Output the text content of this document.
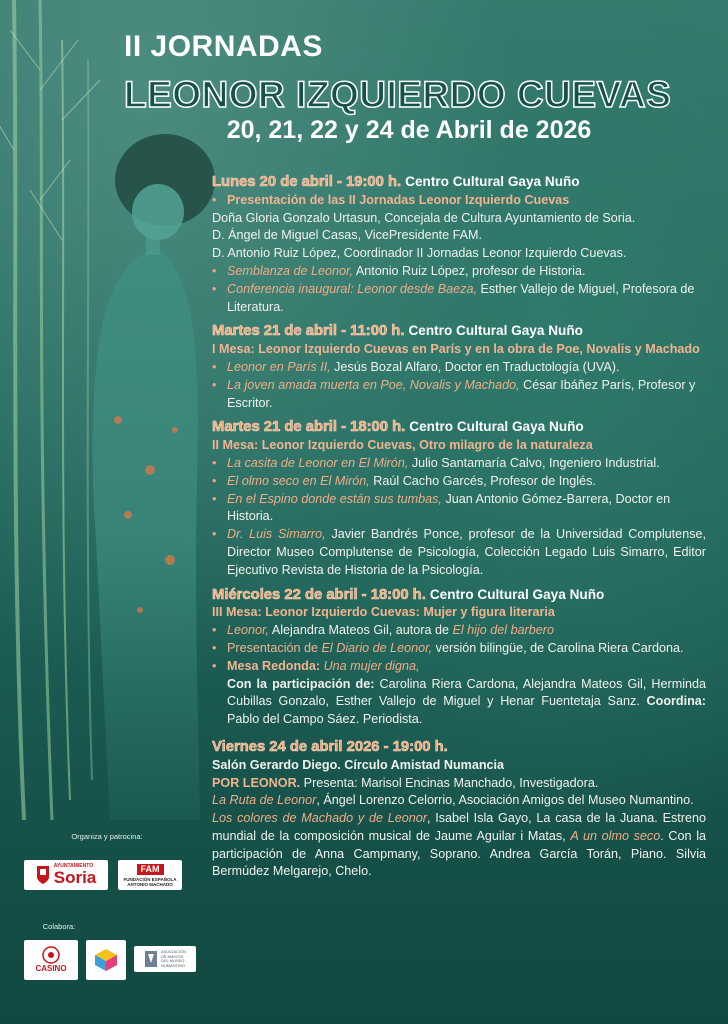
II JORNADAS
LEONOR IZQUIERDO CUEVAS
20, 21, 22 y 24 de Abril de 2026
Lunes 20 de abril - 19:00 h. Centro Cultural Gaya Nuño
• Presentación de las II Jornadas Leonor Izquierdo Cuevas
Doña Gloria Gonzalo Urtasun, Concejala de Cultura Ayuntamiento de Soria.
D. Ángel de Miguel Casas, VicePresidente FAM.
D. Antonio Ruiz López, Coordinador II Jornadas Leonor Izquierdo Cuevas.
• Semblanza de Leonor, Antonio Ruiz López, profesor de Historia.
• Conferencia inaugural: Leonor desde Baeza, Esther Vallejo de Miguel, Profesora de Literatura.
Martes 21 de abril - 11:00 h. Centro Cultural Gaya Nuño
I Mesa: Leonor Izquierdo Cuevas en París y en la obra de Poe, Novalis y Machado
• Leonor en París II, Jesús Bozal Alfaro, Doctor en Traductología (UVA).
• La joven amada muerta en Poe, Novalis y Machado, César Ibáñez París, Profesor y Escritor.
Martes 21 de abril - 18:00 h. Centro Cultural Gaya Nuño
II Mesa: Leonor Izquierdo Cuevas, Otro milagro de la naturaleza
• La casita de Leonor en El Mirón, Julio Santamaría Calvo, Ingeniero Industrial.
• El olmo seco en El Mirón, Raúl Cacho Garcés, Profesor de Inglés.
• En el Espino donde están sus tumbas, Juan Antonio Gómez-Barrera, Doctor en Historia.
• Dr. Luis Simarro, Javier Bandrés Ponce, profesor de la Universidad Complutense, Director Museo Complutense de Psicología, Colección Legado Luis Simarro, Editor Ejecutivo Revista de Historia de la Psicología.
Miércoles 22 de abril - 18:00 h. Centro Cultural Gaya Nuño
III Mesa: Leonor Izquierdo Cuevas: Mujer y figura literaria
• Leonor, Alejandra Mateos Gil, autora de El hijo del barbero
• Presentación de El Diario de Leonor, versión bilingüe, de Carolina Riera Cardona.
• Mesa Redonda: Una mujer digna,
Con la participación de: Carolina Riera Cardona, Alejandra Mateos Gil, Herminda Cubillas Gonzalo, Esther Vallejo de Miguel y Henar Fuentetaja Sanz. Coordina: Pablo del Campo Sáez. Periodista.
Viernes 24 de abril 2026 - 19:00 h.
Salón Gerardo Diego. Círculo Amistad Numancia
POR LEONOR. Presenta: Marisol Encinas Manchado, Investigadora.
La Ruta de Leonor, Ángel Lorenzo Celorrio, Asociación Amigos del Museo Numantino.
Los colores de Machado y de Leonor, Isabel Isla Gayo, La casa de la Juana. Estreno mundial de la composición musical de Jaume Aguilar i Matas, A un olmo seco. Con la participación de Anna Campmany, Soprano. Andrea García Torán, Piano. Silvia Bermúdez Melgarejo, Chelo.
Organiza y patrocina:
AYUNTAMIENTO
Soria	FAM
FUNDACIÓN ESPAÑOLA
ANTONIO MACHADO
Colabora:
CASINO
ASOCIACIÓN
DE AMIGOS
DEL MUSEO
NUMANTINO
